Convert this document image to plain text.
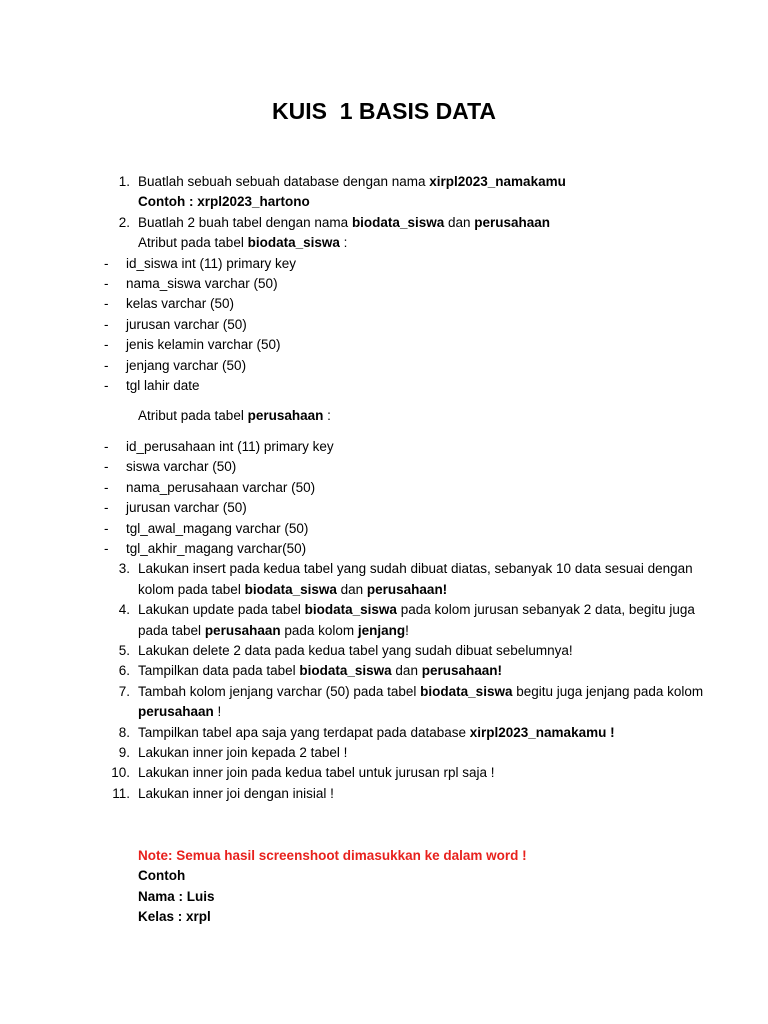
KUIS  1 BASIS DATA
1. Buatlah sebuah sebuah database dengan nama xirpl2023_namakamu
Contoh : xrpl2023_hartono
2. Buatlah 2 buah tabel dengan nama biodata_siswa dan perusahaan
Atribut pada tabel biodata_siswa :
- id_siswa int (11) primary key
- nama_siswa varchar (50)
- kelas varchar (50)
- jurusan varchar (50)
- jenis kelamin varchar (50)
- jenjang varchar (50)
- tgl lahir date
Atribut pada tabel perusahaan :
- id_perusahaan int (11) primary key
- siswa varchar (50)
- nama_perusahaan varchar (50)
- jurusan varchar (50)
- tgl_awal_magang varchar (50)
- tgl_akhir_magang varchar(50)
3. Lakukan insert pada kedua tabel yang sudah dibuat diatas, sebanyak 10 data sesuai dengan kolom pada tabel biodata_siswa dan perusahaan!
4. Lakukan update pada tabel biodata_siswa pada kolom jurusan sebanyak 2 data, begitu juga pada tabel perusahaan pada kolom jenjang!
5. Lakukan delete 2 data pada kedua tabel yang sudah dibuat sebelumnya!
6. Tampilkan data pada tabel biodata_siswa dan perusahaan!
7. Tambah kolom jenjang varchar (50) pada tabel biodata_siswa begitu juga jenjang pada kolom perusahaan !
8. Tampilkan tabel apa saja yang terdapat pada database xirpl2023_namakamu !
9. Lakukan inner join kepada 2 tabel !
10. Lakukan inner join pada kedua tabel untuk jurusan rpl saja !
11. Lakukan inner joi dengan inisial !
Note: Semua hasil screenshoot dimasukkan ke dalam word !
Contoh
Nama : Luis
Kelas : xrpl
